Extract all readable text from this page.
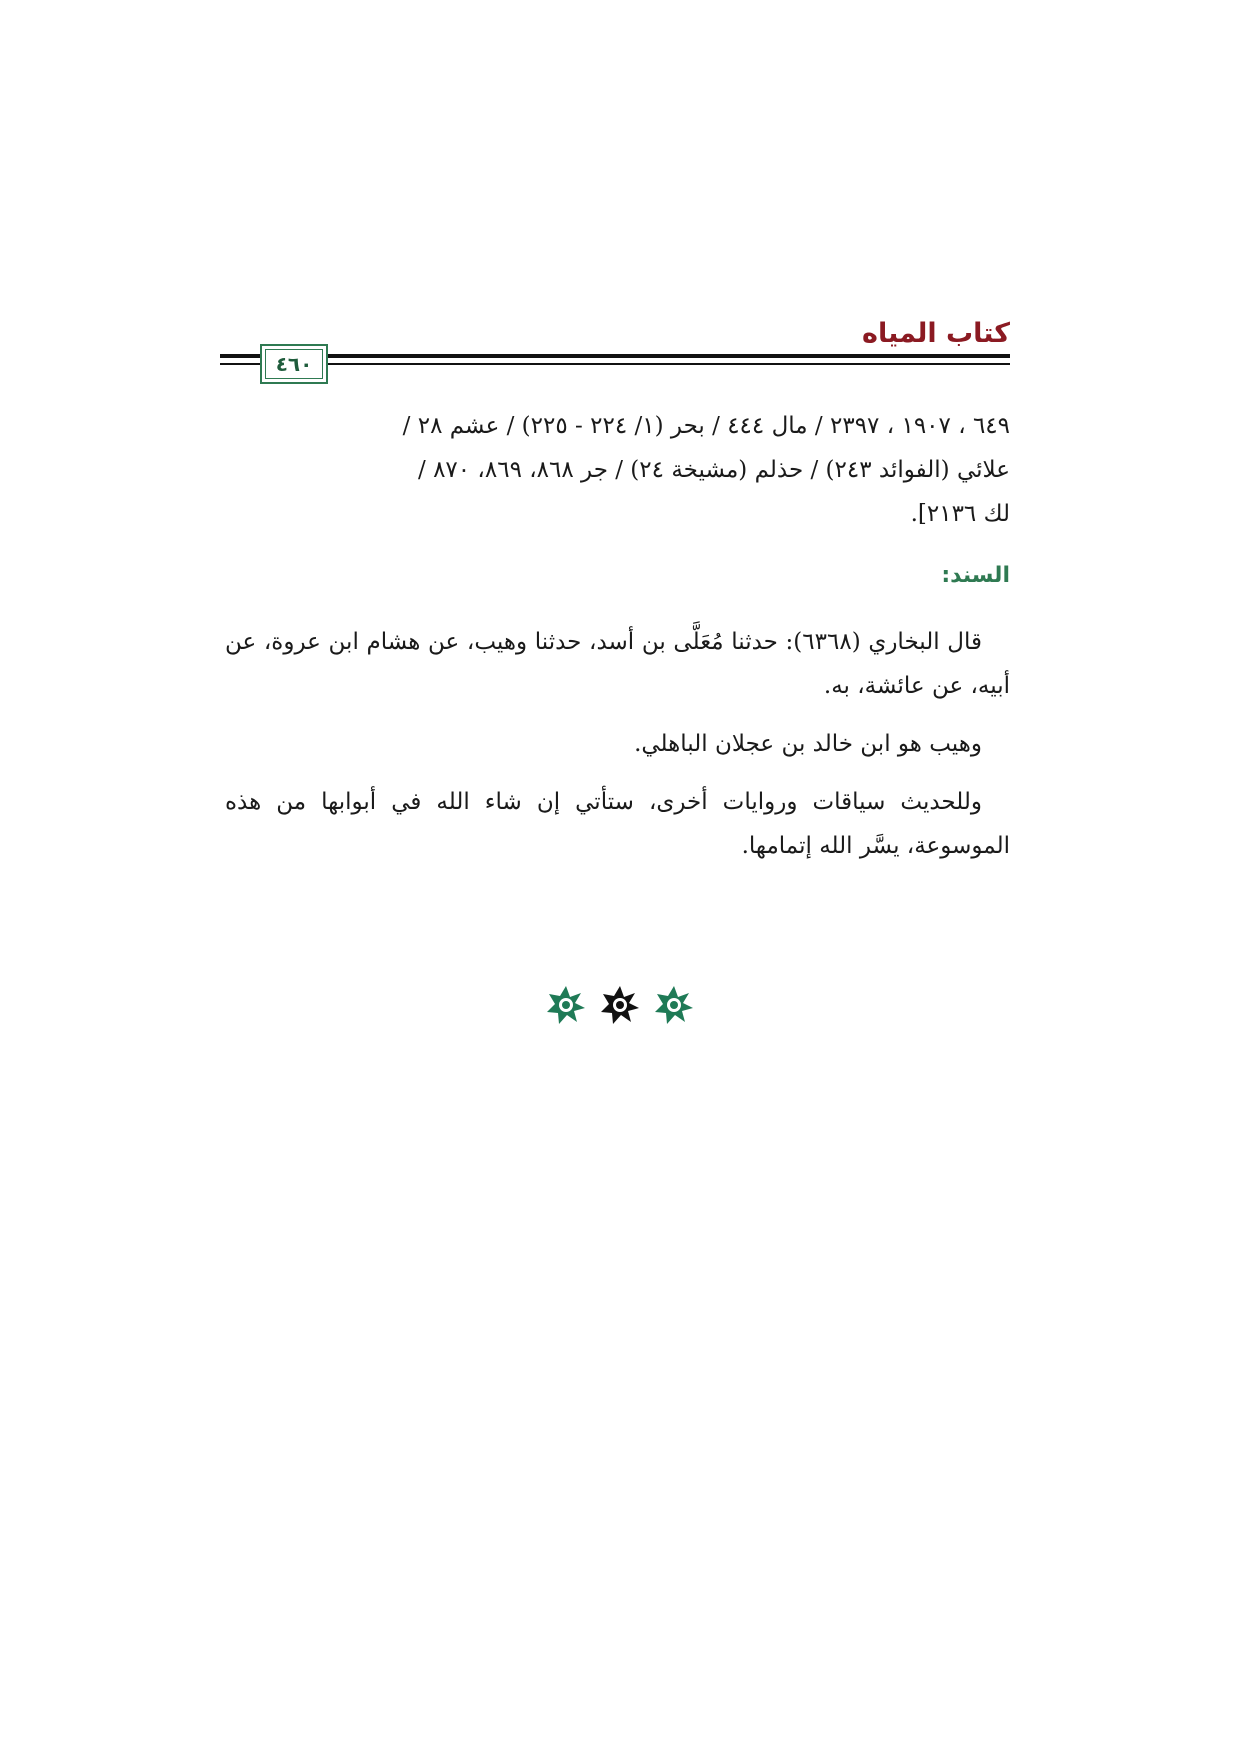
كتاب المياه
٤٦٠

٦٤٩ ، ١٩٠٧ ، ٢٣٩٧ / مال ٤٤٤ / بحر (١/ ٢٢٤ - ٢٢٥) / عشم ٢٨ /
علائي (الفوائد ٢٤٣) / حذلم (مشيخة ٢٤) / جر ٨٦٨، ٨٦٩، ٨٧٠ /
لك ٢١٣٦].

السند:

قال البخاري (٦٣٦٨): حدثنا مُعَلَّى بن أسد، حدثنا وهيب، عن هشام ابن عروة، عن أبيه، عن عائشة، به.

وهيب هو ابن خالد بن عجلان الباهلي.

وللحديث سياقات وروايات أخرى، ستأتي إن شاء الله في أبوابها من هذه الموسوعة، يسَّر الله إتمامها.
